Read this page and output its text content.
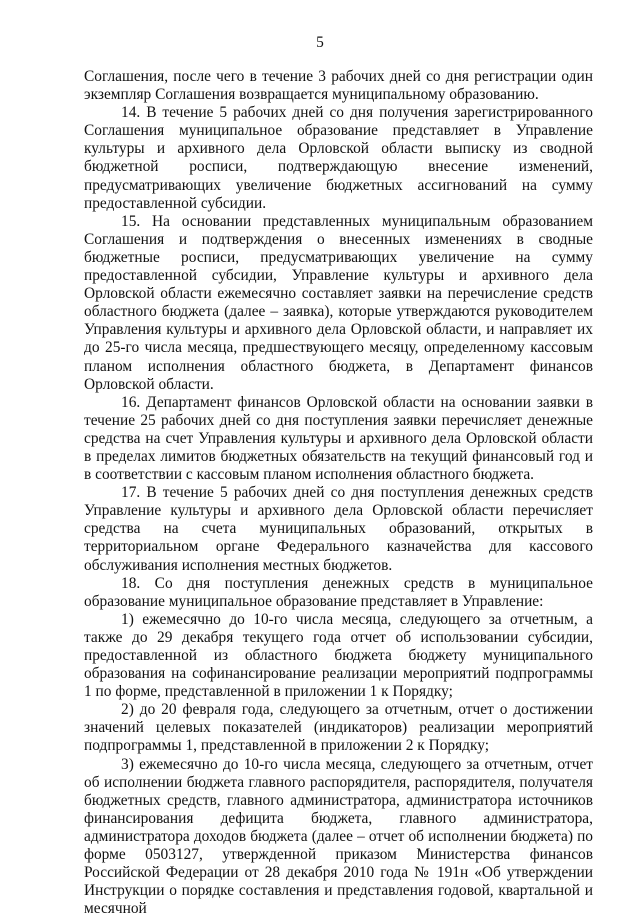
5

Соглашения, после чего в течение 3 рабочих дней со дня регистрации один экземпляр Соглашения возвращается муниципальному образованию.

14. В течение 5 рабочих дней со дня получения зарегистрированного Соглашения муниципальное образование представляет в Управление культуры и архивного дела Орловской области выписку из сводной бюджетной росписи, подтверждающую внесение изменений, предусматривающих увеличение бюджетных ассигнований на сумму предоставленной субсидии.

15. На основании представленных муниципальным образованием Соглашения и подтверждения о внесенных изменениях в сводные бюджетные росписи, предусматривающих увеличение на сумму предоставленной субсидии, Управление культуры и архивного дела Орловской области ежемесячно составляет заявки на перечисление средств областного бюджета (далее – заявка), которые утверждаются руководителем Управления культуры и архивного дела Орловской области, и направляет их до 25-го числа месяца, предшествующего месяцу, определенному кассовым планом исполнения областного бюджета, в Департамент финансов Орловской области.

16. Департамент финансов Орловской области на основании заявки в течение 25 рабочих дней со дня поступления заявки перечисляет денежные средства на счет Управления культуры и архивного дела Орловской области в пределах лимитов бюджетных обязательств на текущий финансовый год и в соответствии с кассовым планом исполнения областного бюджета.

17. В течение 5 рабочих дней со дня поступления денежных средств Управление культуры и архивного дела Орловской области перечисляет средства на счета муниципальных образований, открытых в территориальном органе Федерального казначейства для кассового обслуживания исполнения местных бюджетов.

18. Со дня поступления денежных средств в муниципальное образование муниципальное образование представляет в Управление:

1) ежемесячно до 10-го числа месяца, следующего за отчетным, а также до 29 декабря текущего года отчет об использовании субсидии, предоставленной из областного бюджета бюджету муниципального образования на софинансирование реализации мероприятий подпрограммы 1 по форме, представленной в приложении 1 к Порядку;

2) до 20 февраля года, следующего за отчетным, отчет о достижении значений целевых показателей (индикаторов) реализации мероприятий подпрограммы 1, представленной в приложении 2 к Порядку;

3) ежемесячно до 10-го числа месяца, следующего за отчетным, отчет об исполнении бюджета главного распорядителя, распорядителя, получателя бюджетных средств, главного администратора, администратора источников финансирования дефицита бюджета, главного администратора, администратора доходов бюджета (далее – отчет об исполнении бюджета) по форме 0503127, утвержденной приказом Министерства финансов Российской Федерации от 28 декабря 2010 года № 191н «Об утверждении Инструкции о порядке составления и представления годовой, квартальной и месячной
